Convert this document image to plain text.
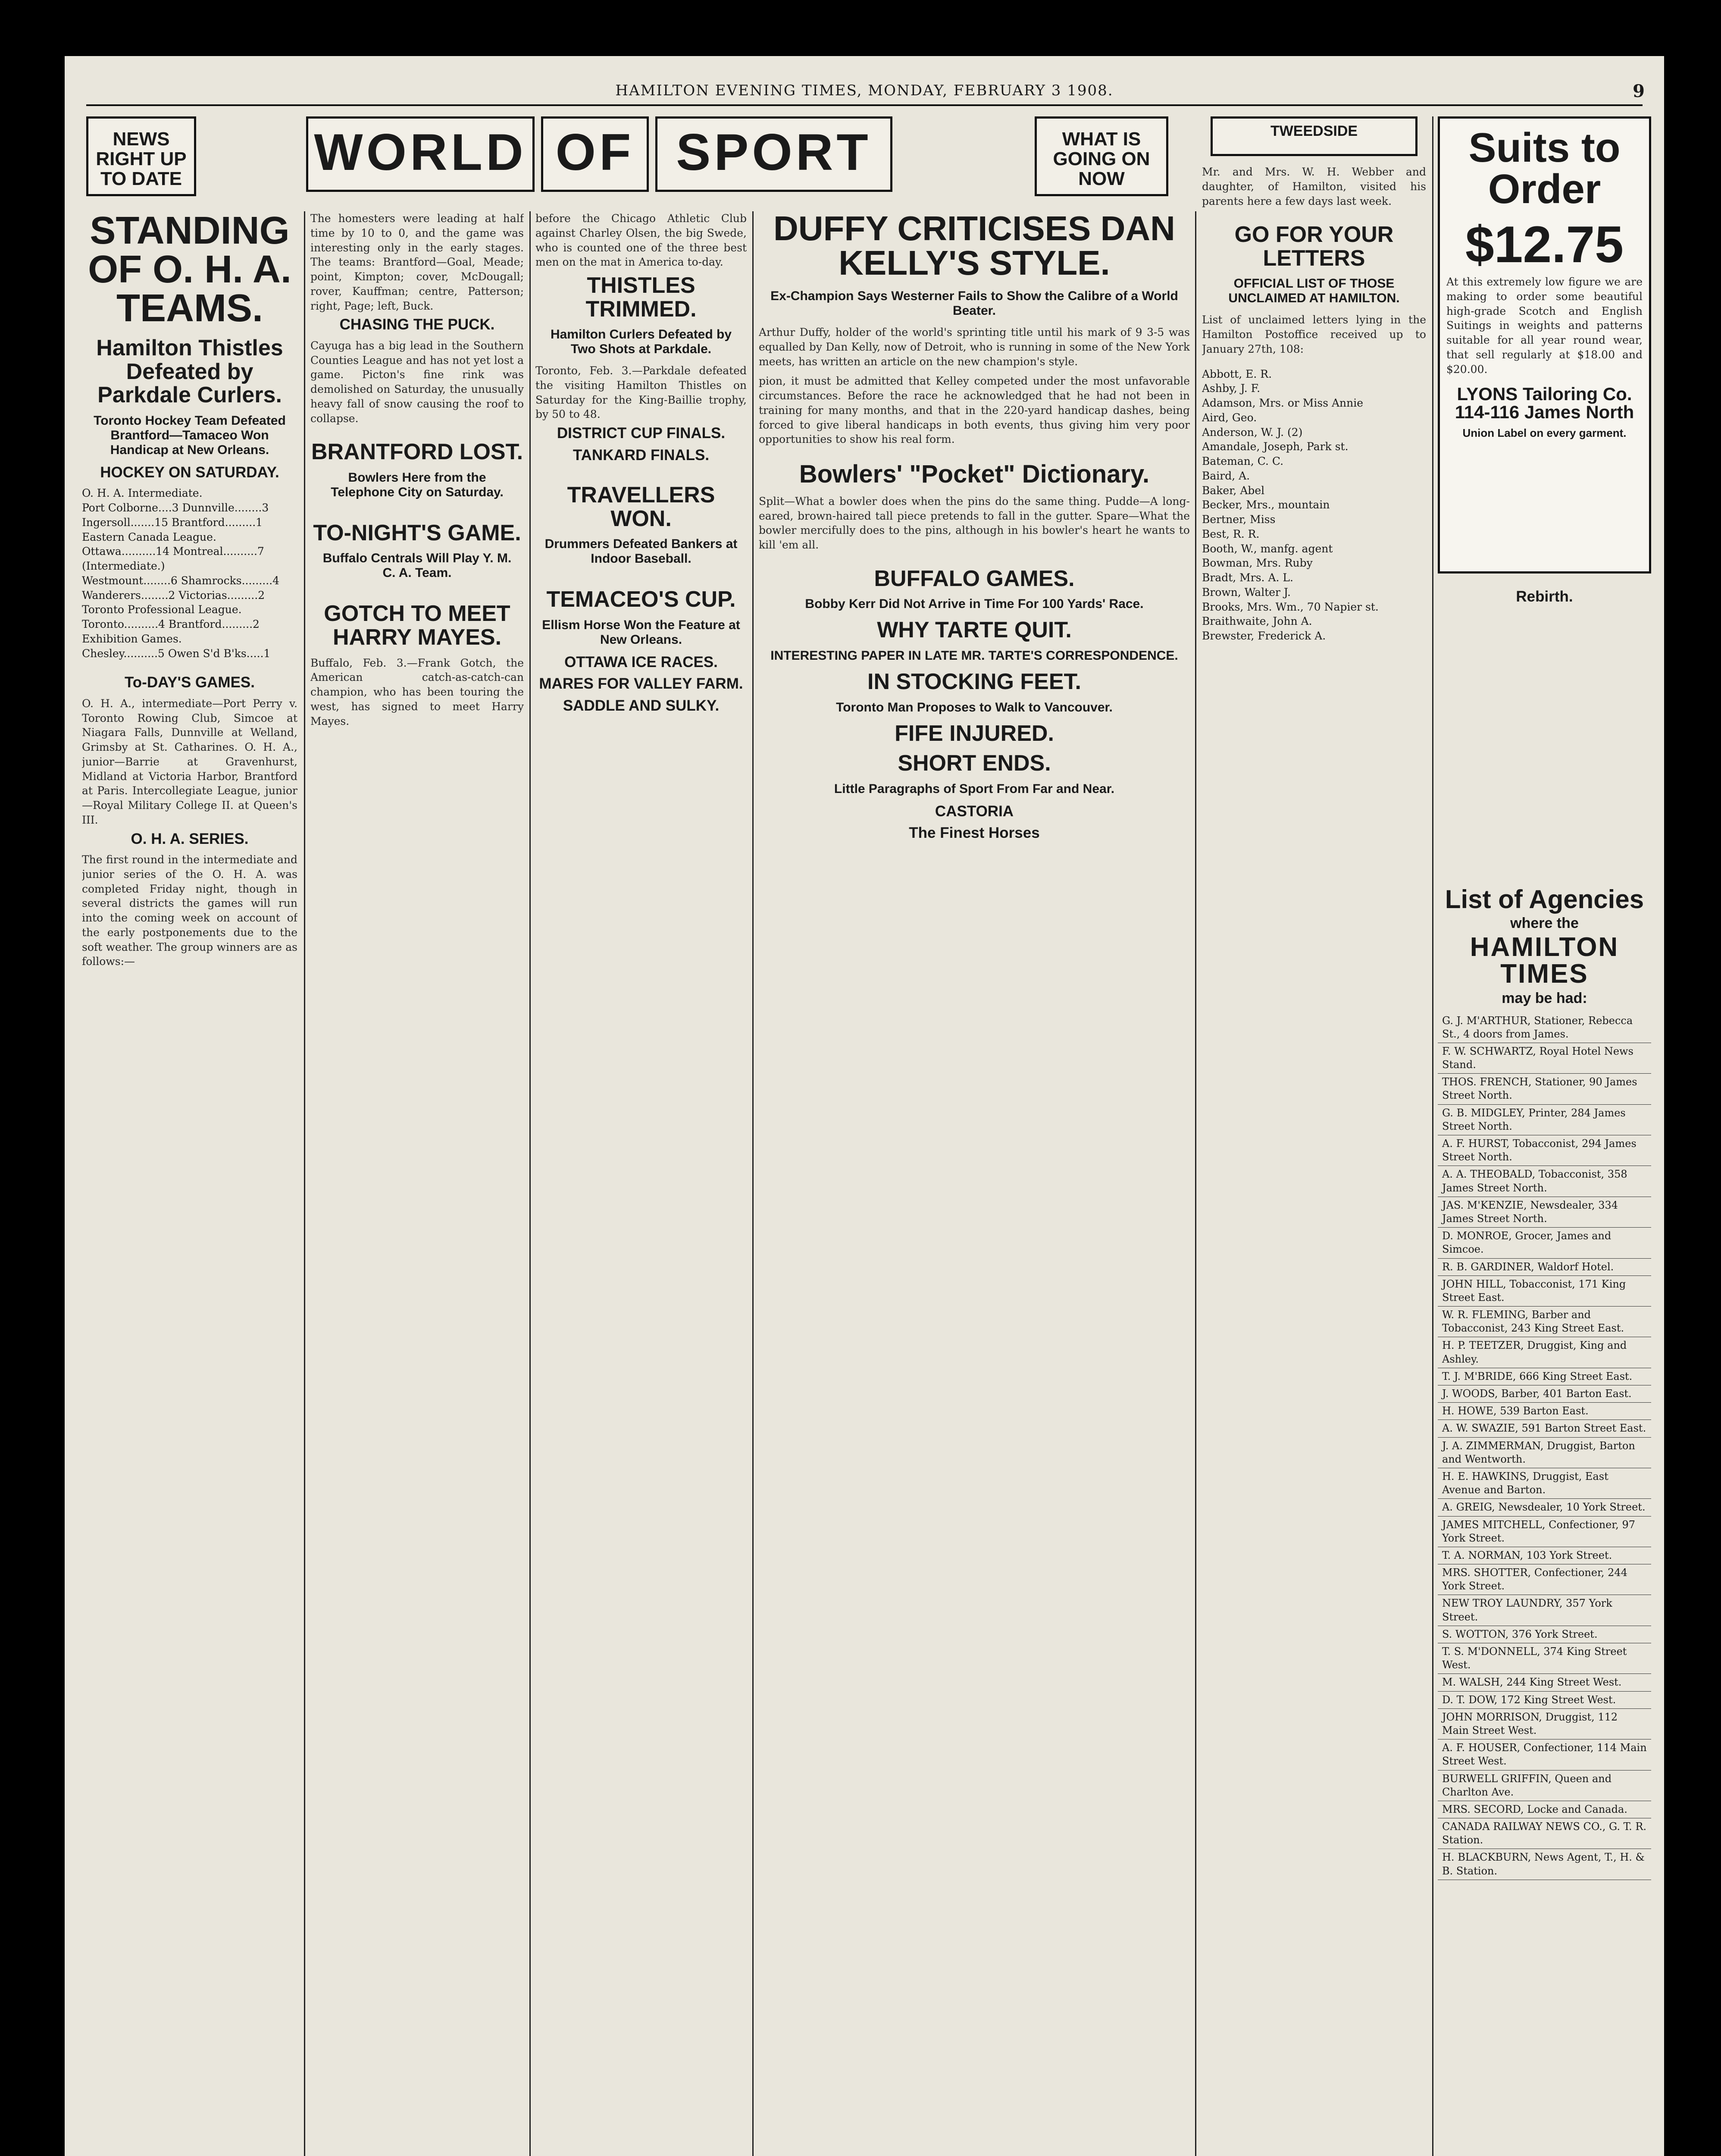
HAMILTON EVENING TIMES, MONDAY, FEBRUARY 3 1908.	9
NEWS RIGHT UP TO DATE	WORLD OF SPORT	WHAT IS GOING ON NOW
STANDING OF O. H. A. TEAMS.
Hamilton Thistles Defeated by Parkdale Curlers.
Toronto Hockey Team Defeated Brantford—Tamaceo Won Handicap at New Orleans.
HOCKEY ON SATURDAY.
O. H. A. Intermediate.
Port Colborne....3 Dunnville........3
Ingersoll.......15 Brantford.........1
Eastern Canada League.
Ottawa..........14 Montreal..........7
(Intermediate.)
Westmount........6 Shamrocks.........4
Wanderers........2 Victorias.........2
Toronto Professional League.
Toronto..........4 Brantford.........2
Exhibition Games.
Chesley..........5 Owen S'd B'ks.....1
To-DAY'S GAMES.

O. H. A., intermediate—Port Perry v. Toronto Rowing Club, Simcoe at Niagara Falls, Dunnville at Welland, Grimsby at St. Catharines. O. H. A., junior—Barrie at Gravenhurst, Midland at Victoria Harbor, Brantford at Paris. Intercollegiate League, junior—Royal Military College II. at Queen's III.

O. H. A. SERIES.

The first round in the intermediate and junior series of the O. H. A. was completed Friday night, though in several districts the games will run into the coming week on account of the early postponements due to the soft weather. The group winners are as follows:—

The homesters were leading at half time by 10 to 0, and the game was interesting only in the early stages. The teams: Brantford—Goal, Meade; point, Kimpton; cover, McDougall; rover, Kauffman; centre, Patterson; right, Page; left, Buck.

CHASING THE PUCK.

Cayuga has a big lead in the Southern Counties League and has not yet lost a game. Picton's fine rink was demolished on Saturday, the unusually heavy fall of snow causing the roof to collapse.

BRANTFORD LOST.
Bowlers Here from the Telephone City on Saturday.
TO-NIGHT'S GAME.
Buffalo Centrals Will Play Y. M. C. A. Team.
GOTCH TO MEET HARRY MAYES.

Buffalo, Feb. 3.—Frank Gotch, the American catch-as-catch-can champion, who has been touring the west, has signed to meet Harry Mayes.

before the Chicago Athletic Club against Charley Olsen, the big Swede, who is counted one of the three best men on the mat in America to-day.

THISTLES TRIMMED.
Hamilton Curlers Defeated by Two Shots at Parkdale.

Toronto, Feb. 3.—Parkdale defeated the visiting Hamilton Thistles on Saturday for the King-Baillie trophy, by 50 to 48.

DISTRICT CUP FINALS.
TANKARD FINALS.
TRAVELLERS WON.
Drummers Defeated Bankers at Indoor Baseball.
TEMACEO'S CUP.
Ellism Horse Won the Feature at New Orleans.
OTTAWA ICE RACES.
MARES FOR VALLEY FARM.
SADDLE AND SULKY.
DUFFY CRITICISES DAN KELLY'S STYLE.
Ex-Champion Says Westerner Fails to Show the Calibre of a World Beater.

Arthur Duffy, holder of the world's sprinting title until his mark of 9 3-5 was equalled by Dan Kelly, now of Detroit, who is running in some of the New York meets, has written an article on the new champion's style.

pion, it must be admitted that Kelley competed under the most unfavorable circumstances. Before the race he acknowledged that he had not been in training for many months, and that in the 220-yard handicap dashes, being forced to give liberal handicaps in both events, thus giving him very poor opportunities to show his real form.

Bowlers' "Pocket" Dictionary.

Split—What a bowler does when the pins do the same thing. Pudde—A long-eared, brown-haired tall piece pretends to fall in the gutter. Spare—What the bowler mercifully does to the pins, although in his bowler's heart he wants to kill 'em all.

BUFFALO GAMES.
Bobby Kerr Did Not Arrive in Time For 100 Yards' Race.
WHY TARTE QUIT.
INTERESTING PAPER IN LATE MR. TARTE'S CORRESPONDENCE.
IN STOCKING FEET.
Toronto Man Proposes to Walk to Vancouver.
FIFE INJURED.
SHORT ENDS.
Little Paragraphs of Sport From Far and Near.
CASTORIA
The Finest Horses
TWEEDSIDE

Mr. and Mrs. W. H. Webber and daughter, of Hamilton, visited his parents here a few days last week.

GO FOR YOUR LETTERS
OFFICIAL LIST OF THOSE UNCLAIMED AT HAMILTON.

List of unclaimed letters lying in the Hamilton Postoffice received up to January 27th, 108:

Abbott, E. R.
Ashby, J. F.
Adamson, Mrs. or Miss Annie
Aird, Geo.
Anderson, W. J. (2)
Amandale, Joseph, Park st.
Bateman, C. C.
Baird, A.
Baker, Abel
Becker, Mrs., mountain
Bertner, Miss
Best, R. R.
Booth, W., manfg. agent
Bowman, Mrs. Ruby
Bradt, Mrs. A. L.
Brown, Walter J.
Brooks, Mrs. Wm., 70 Napier st.
Braithwaite, John A.
Brewster, Frederick A.
Suits to Order
$12.75

At this extremely low figure we are making to order some beautiful high-grade Scotch and English Suitings in weights and patterns suitable for all year round wear, that sell regularly at $18.00 and $20.00.

LYONS Tailoring Co. 114-116 James North
Union Label on every garment.
Rebirth.
List of Agencies
where the
HAMILTON TIMES
may be had:
G. J. M'ARTHUR, Stationer, Rebecca St., 4 doors from James.
F. W. SCHWARTZ, Royal Hotel News Stand.
THOS. FRENCH, Stationer, 90 James Street North.
G. B. MIDGLEY, Printer, 284 James Street North.
A. F. HURST, Tobacconist, 294 James Street North.
A. A. THEOBALD, Tobacconist, 358 James Street North.
JAS. M'KENZIE, Newsdealer, 334 James Street North.
D. MONROE, Grocer, James and Simcoe.
R. B. GARDINER, Waldorf Hotel.
JOHN HILL, Tobacconist, 171 King Street East.
W. R. FLEMING, Barber and Tobacconist, 243 King Street East.
H. P. TEETZER, Druggist, King and Ashley.
T. J. M'BRIDE, 666 King Street East.
J. WOODS, Barber, 401 Barton East.
H. HOWE, 539 Barton East.
A. W. SWAZIE, 591 Barton Street East.
J. A. ZIMMERMAN, Druggist, Barton and Wentworth.
H. E. HAWKINS, Druggist, East Avenue and Barton.
A. GREIG, Newsdealer, 10 York Street.
JAMES MITCHELL, Confectioner, 97 York Street.
T. A. NORMAN, 103 York Street.
MRS. SHOTTER, Confectioner, 244 York Street.
NEW TROY LAUNDRY, 357 York Street.
S. WOTTON, 376 York Street.
T. S. M'DONNELL, 374 King Street West.
M. WALSH, 244 King Street West.
D. T. DOW, 172 King Street West.
JOHN MORRISON, Druggist, 112 Main Street West.
A. F. HOUSER, Confectioner, 114 Main Street West.
BURWELL GRIFFIN, Queen and Charlton Ave.
MRS. SECORD, Locke and Canada.
CANADA RAILWAY NEWS CO., G. T. R. Station.
H. BLACKBURN, News Agent, T., H. & B. Station.
